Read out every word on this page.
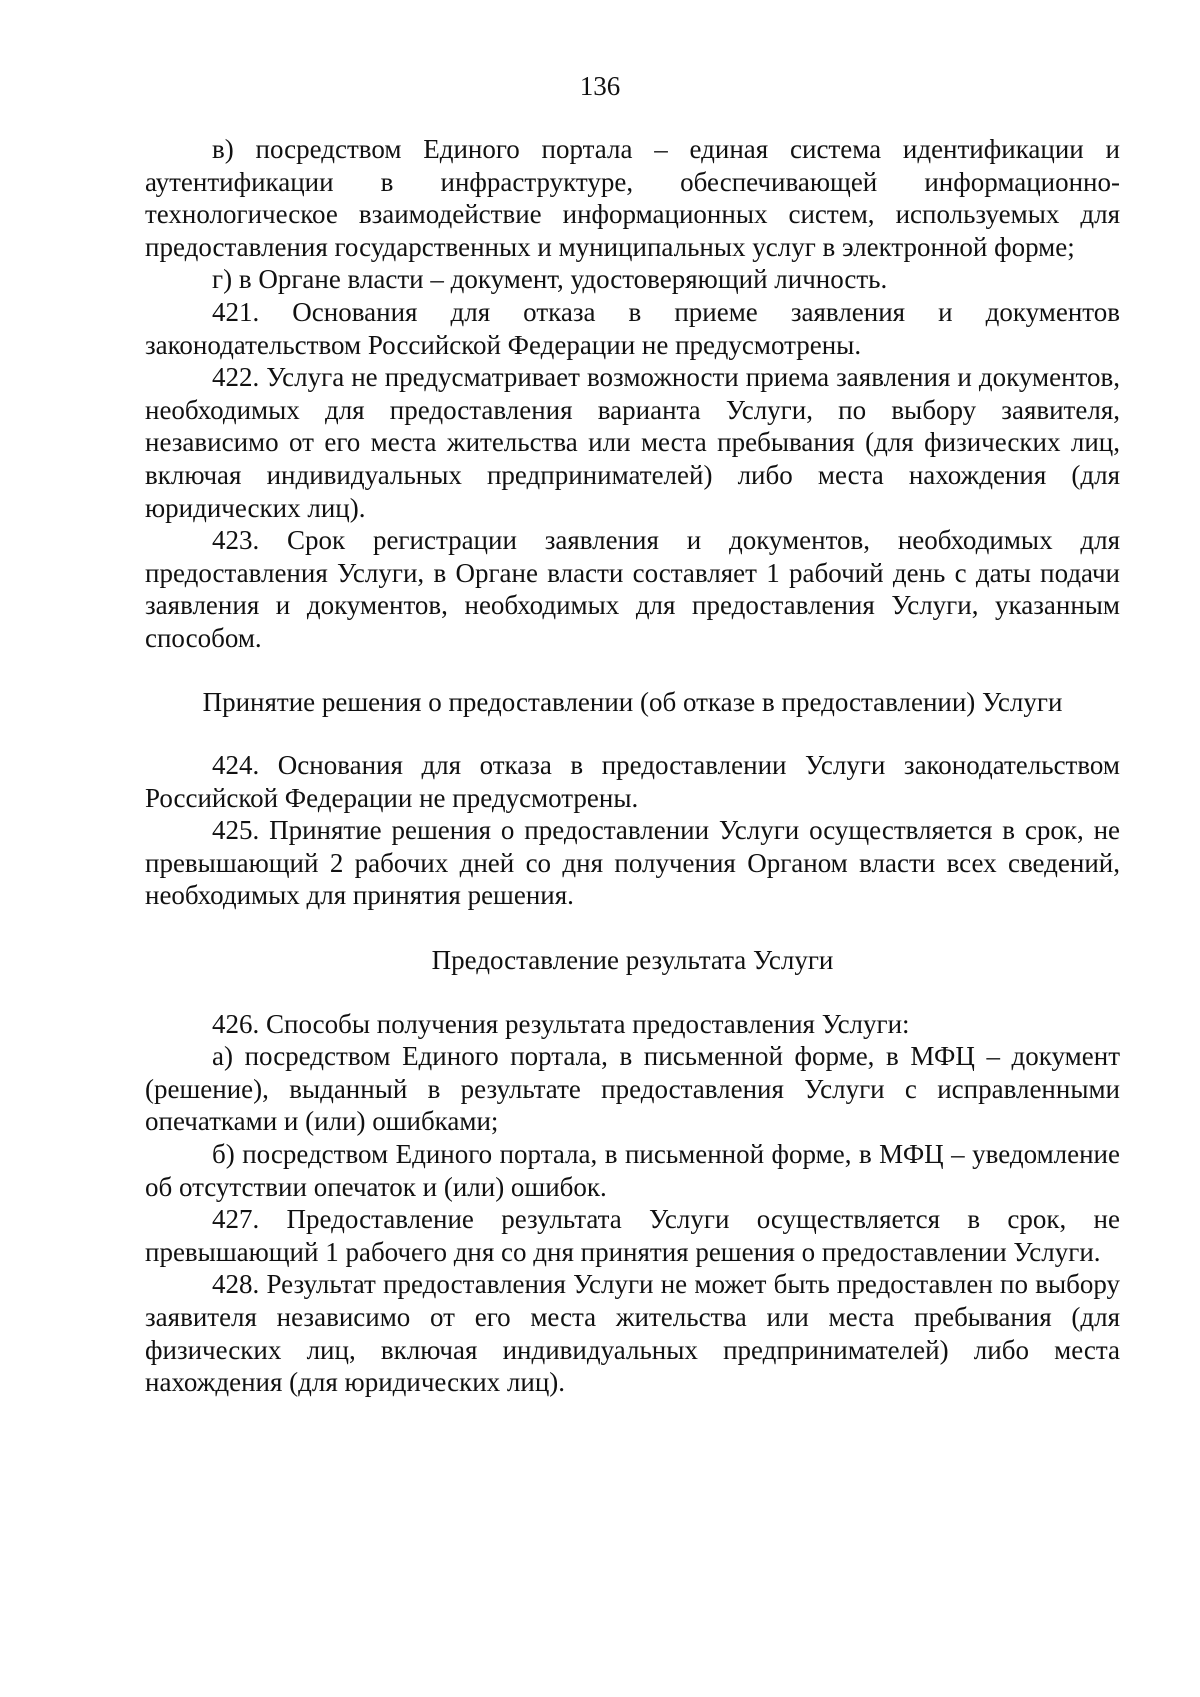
136

в) посредством Единого портала – единая система идентификации и аутентификации в инфраструктуре, обеспечивающей информационно-технологическое взаимодействие информационных систем, используемых для предоставления государственных и муниципальных услуг в электронной форме;

г) в Органе власти – документ, удостоверяющий личность.

421. Основания для отказа в приеме заявления и документов законодательством Российской Федерации не предусмотрены.

422. Услуга не предусматривает возможности приема заявления и документов, необходимых для предоставления варианта Услуги, по выбору заявителя, независимо от его места жительства или места пребывания (для физических лиц, включая индивидуальных предпринимателей) либо места нахождения (для юридических лиц).

423. Срок регистрации заявления и документов, необходимых для предоставления Услуги, в Органе власти составляет 1 рабочий день с даты подачи заявления и документов, необходимых для предоставления Услуги, указанным способом.

Принятие решения о предоставлении (об отказе в предоставлении) Услуги

424. Основания для отказа в предоставлении Услуги законодательством Российской Федерации не предусмотрены.

425. Принятие решения о предоставлении Услуги осуществляется в срок, не превышающий 2 рабочих дней со дня получения Органом власти всех сведений, необходимых для принятия решения.

Предоставление результата Услуги

426. Способы получения результата предоставления Услуги:

а) посредством Единого портала, в письменной форме, в МФЦ – документ (решение), выданный в результате предоставления Услуги с исправленными опечатками и (или) ошибками;

б) посредством Единого портала, в письменной форме, в МФЦ – уведомление об отсутствии опечаток и (или) ошибок.

427. Предоставление результата Услуги осуществляется в срок, не превышающий 1 рабочего дня со дня принятия решения о предоставлении Услуги.

428. Результат предоставления Услуги не может быть предоставлен по выбору заявителя независимо от его места жительства или места пребывания (для физических лиц, включая индивидуальных предпринимателей) либо места нахождения (для юридических лиц).
